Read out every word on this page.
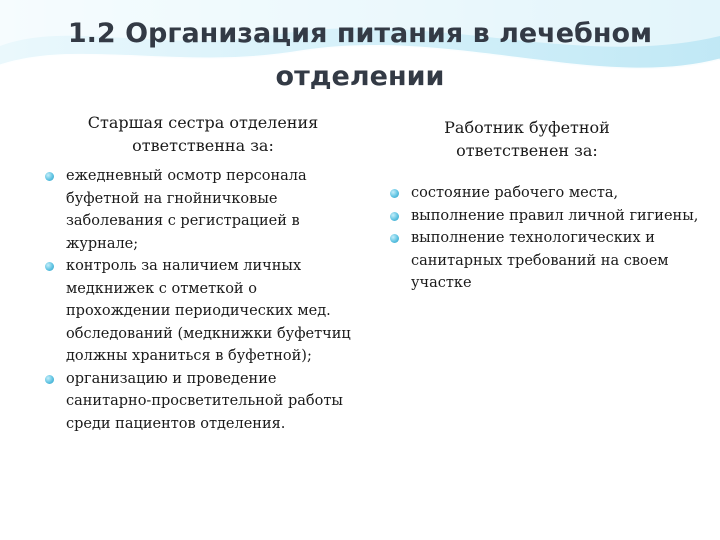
1.2 Организация питания в лечебном отделении
Старшая сестра отделения ответственна за:
Работник буфетной ответственен за:
ежедневный осмотр персонала буфетной на гнойничковые заболевания с регистрацией в журнале;
контроль за наличием личных медкнижек с отметкой о прохождении периодических мед. обследований (медкнижки буфетчиц должны храниться в буфетной);
организацию и проведение санитарно-просветительной работы среди пациентов отделения.
состояние рабочего места,
выполнение правил личной гигиены,
выполнение технологических и санитарных требований на своем участке
